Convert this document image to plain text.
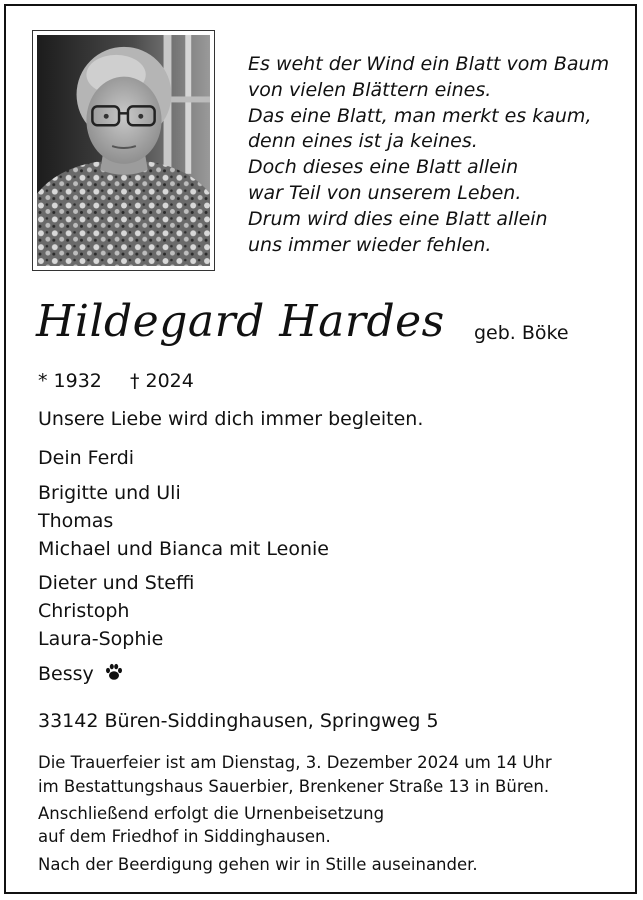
Es weht der Wind ein Blatt vom Baum
von vielen Blättern eines.
Das eine Blatt, man merkt es kaum,
denn eines ist ja keines.
Doch dieses eine Blatt allein
war Teil von unserem Leben.
Drum wird dies eine Blatt allein
uns immer wieder fehlen.
Hildegard Hardes geb. Böke
* 1932 † 2024
Unsere Liebe wird dich immer begleiten.
Dein Ferdi
Brigitte und Uli
Thomas
Michael und Bianca mit Leonie
Dieter und Steffi
Christoph
Laura-Sophie
Bessy
33142 Büren-Siddinghausen, Springweg 5
Die Trauerfeier ist am Dienstag, 3. Dezember 2024 um 14 Uhr
im Bestattungshaus Sauerbier, Brenkener Straße 13 in Büren.
Anschließend erfolgt die Urnenbeisetzung
auf dem Friedhof in Siddinghausen.
Nach der Beerdigung gehen wir in Stille auseinander.
